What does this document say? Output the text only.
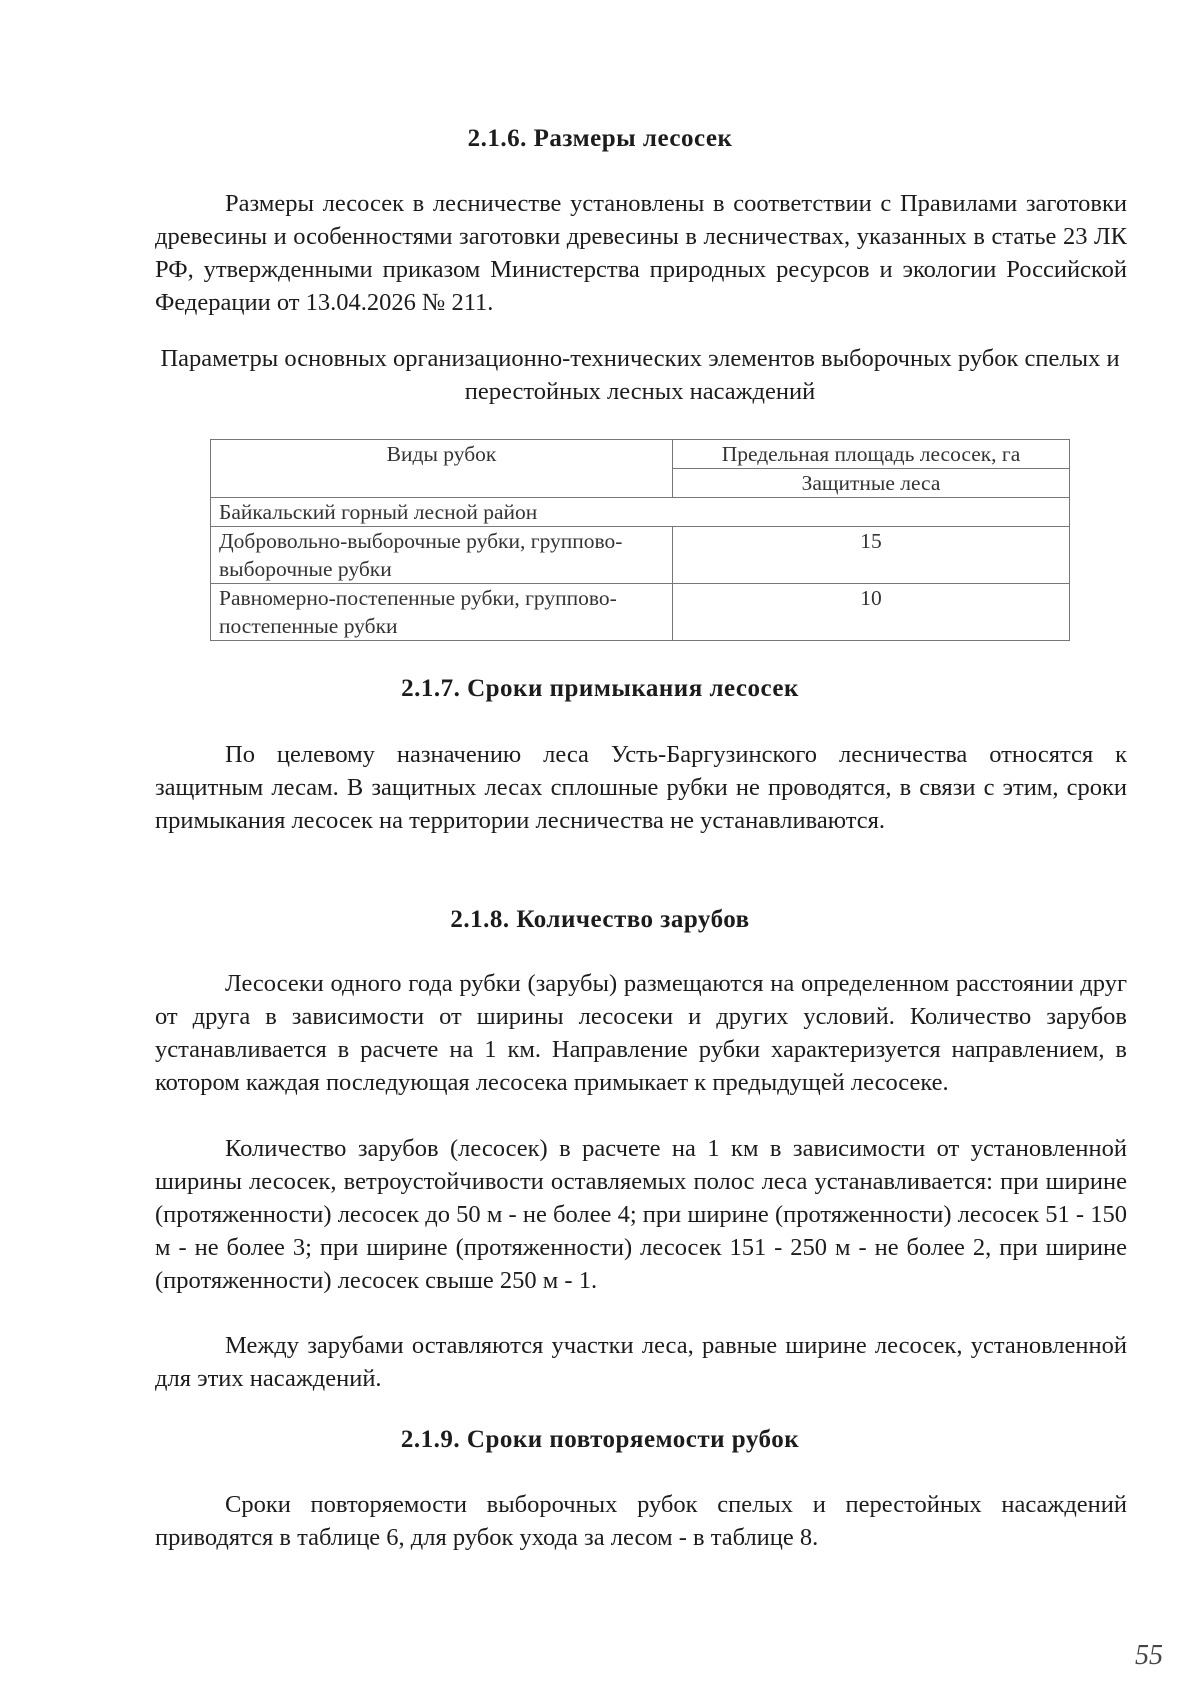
2.1.6. Размеры лесосек

Размеры лесосек в лесничестве установлены в соответствии с Правилами заготовки древесины и особенностями заготовки древесины в лесничествах, указанных в статье 23 ЛК РФ, утвержденными приказом Министерства природных ресурсов и экологии Российской Федерации от 13.04.2026 № 211.

Параметры основных организационно-технических элементов выборочных рубок спелых и перестойных лесных насаждений

Виды рубок	Предельная площадь лесосек, га
	Защитные леса
Байкальский горный лесной район	
Добровольно-выборочные рубки, группово-выборочные рубки	15
Равномерно-постепенные рубки, группово-постепенные рубки	10
2.1.7. Сроки примыкания лесосек

По целевому назначению леса Усть-Баргузинского лесничества относятся к защитным лесам. В защитных лесах сплошные рубки не проводятся, в связи с этим, сроки примыкания лесосек на территории лесничества не устанавливаются.

2.1.8. Количество зарубов

Лесосеки одного года рубки (зарубы) размещаются на определенном расстоянии друг от друга в зависимости от ширины лесосеки и других условий. Количество зарубов устанавливается в расчете на 1 км. Направление рубки характеризуется направлением, в котором каждая последующая лесосека примыкает к предыдущей лесосеке.

Количество зарубов (лесосек) в расчете на 1 км в зависимости от установленной ширины лесосек, ветроустойчивости оставляемых полос леса устанавливается: при ширине (протяженности) лесосек до 50 м - не более 4; при ширине (протяженности) лесосек 51 - 150 м - не более 3; при ширине (протяженности) лесосек 151 - 250 м - не более 2, при ширине (протяженности) лесосек свыше 250 м - 1.

Между зарубами оставляются участки леса, равные ширине лесосек, установленной для этих насаждений.

2.1.9. Сроки повторяемости рубок

Сроки повторяемости выборочных рубок спелых и перестойных насаждений приводятся в таблице 6, для рубок ухода за лесом - в таблице 8.

55
